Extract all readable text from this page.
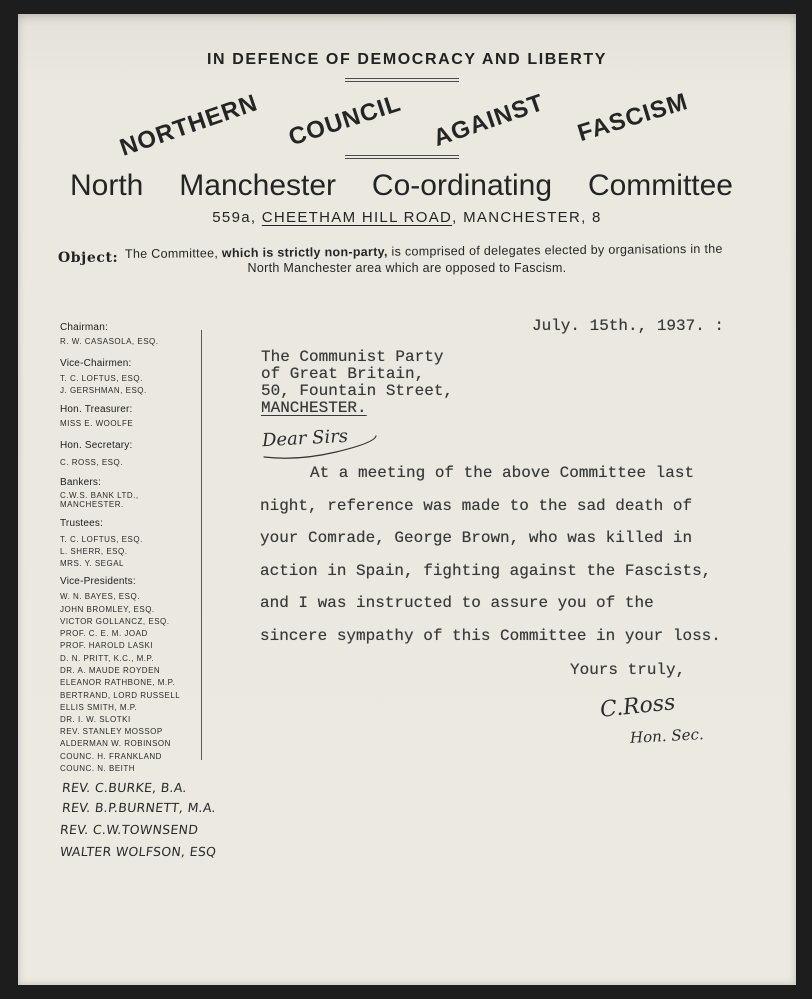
IN DEFENCE OF DEMOCRACY AND LIBERTY
NORTHERN COUNCIL AGAINST FASCISM
North Manchester Co-ordinating Committee
559a, CHEETHAM HILL ROAD, MANCHESTER, 8
Object: The Committee, which is strictly non-party, is comprised of delegates elected by organisations in the
North Manchester area which are opposed to Fascism.
Chairman:
R. W. CASASOLA, ESQ.
Vice-Chairmen:
T. C. LOFTUS, ESQ.
J. GERSHMAN, ESQ.
Hon. Treasurer:
MISS E. WOOLFE
Hon. Secretary:
C. ROSS, ESQ.
Bankers:
C.W.S. BANK LTD.,
MANCHESTER.
Trustees:
T. C. LOFTUS, ESQ.
L. SHERR, ESQ.
MRS. Y. SEGAL
Vice-Presidents:
W. N. BAYES, ESQ.
JOHN BROMLEY, ESQ.
VICTOR GOLLANCZ, ESQ.
PROF. C. E. M. JOAD
PROF. HAROLD LASKI
D. N. PRITT, K.C., M.P.
DR. A. MAUDE ROYDEN
ELEANOR RATHBONE, M.P.
BERTRAND, LORD RUSSELL
ELLIS SMITH, M.P.
DR. I. W. SLOTKI
REV. STANLEY MOSSOP
ALDERMAN W. ROBINSON
COUNC. H. FRANKLAND
COUNC. N. BEITH
REV. C.BURKE, B.A.
REV. B.P.BURNETT, M.A.
REV. C.W.TOWNSEND
WALTER WOLFSON, ESQ
July. 15th., 1937. :
The Communist Party
of Great Britain,
50, Fountain Street,
MANCHESTER.
Dear Sirs
At a meeting of the above Committee last
night, reference was made to the sad death of
your Comrade, George Brown, who was killed in
action in Spain, fighting against the Fascists,
and I was instructed to assure you of the
sincere sympathy of this Committee in your loss.
Yours truly,
C.Ross
Hon. Sec.
